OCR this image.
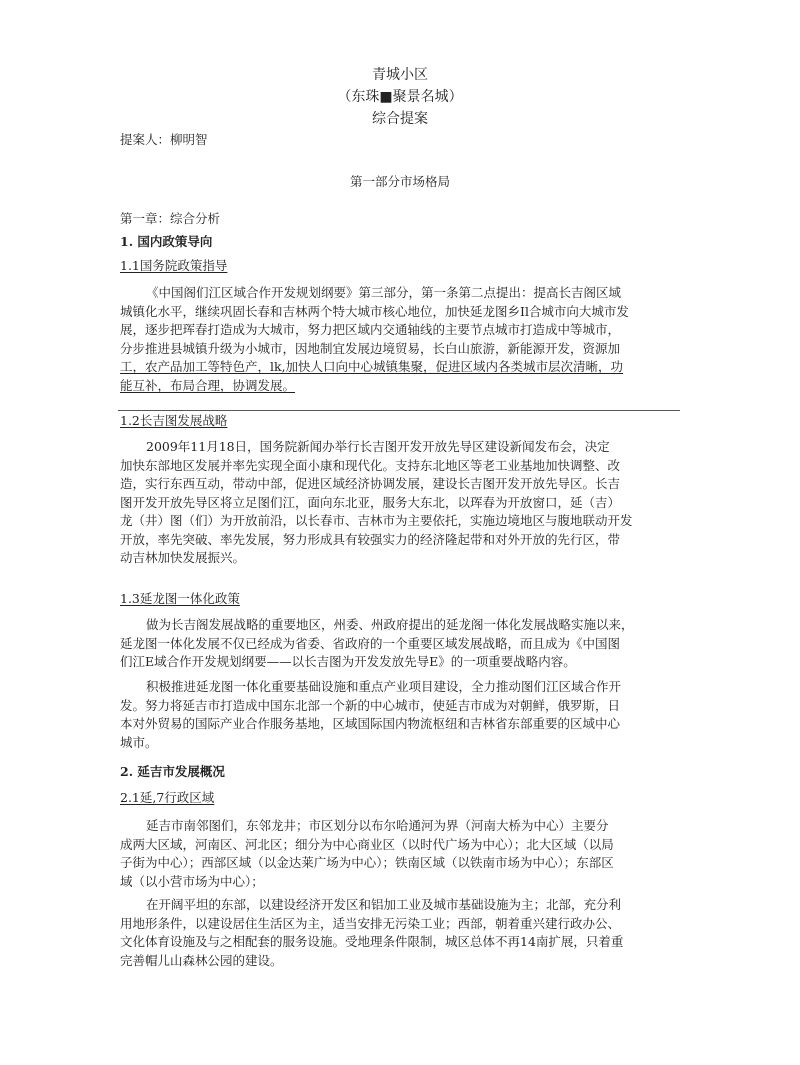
青城小区
（东珠■聚景名城）
综合提案
提案人：柳明智
第一部分市场格局
第一章：综合分析
1. 国内政策导向
1.1国务院政策指导
《中国阁们江区域合作开发规划纲要》第三部分，第一条第二点提出：提高长吉阁区域
城镇化水平，继续巩固长春和吉林两个特大城市核心地位，加快延龙图乡Il合城市向大城市发
展，逐步把珲春打造成为大城市，努力把区域内交通轴线的主要节点城市打造成中等城市，
分步推进县城镇升级为小城市，因地制宜发展边境贸易，长白山旅游，新能源开发，资源加
工，农产品加工等特色产，lk,加快人口向中心城镇集聚，促进区域内各类城市层次清晰，功
能互补，布局合理，协调发展。
1.2长吉图发展战略
2009年11月18日，国务院新闻办举行长吉图开发开放先导区建设新闻发布会，决定
加快东部地区发展并率先实现全面小康和现代化。支持东北地区等老工业基地加快调整、改
造，实行东西互动，带动中部，促进区域经济协调发展，建设长吉图开发开放先导区。长吉
图开发开放先导区将立足图们江，面向东北亚，服务大东北，以珲春为开放窗口，延（吉）
龙（井）图（们）为开放前沿，以长春市、吉林市为主要依托，实施边境地区与腹地联动开发
开放，率先突破、率先发展，努力形成具有较强实力的经济隆起带和对外开放的先行区，带
动吉林加快发展振兴。
1.3延龙图一体化政策
做为长吉阁发展战略的重要地区，州委、州政府提出的延龙阁一体化发展战略实施以来，
延龙图一体化发展不仅已经成为省委、省政府的一个重要区域发展战略，而且成为《中国图
们江E域合作开发规划纲要——以长吉图为开发发放先导E》的一项重要战略内容。
积极推进延龙图一体化重要基础设施和重点产业项目建设，全力推动图们江区域合作开
发。努力将延吉市打造成中国东北部一个新的中心城市，使延吉市成为对朝鲜，俄罗斯，日
本对外贸易的国际产业合作服务基地，区域国际国内物流枢纽和吉林省东部重要的区域中心
城市。
2. 延吉市发展概况
2.1延,7行政区域
延吉市南邻图们，东邻龙井；市区划分以布尔哈通河为界（河南大桥为中心）主要分
成两大区域，河南区、河北区；细分为中心商业区（以时代广场为中心）；北大区域（以局
子街为中心）；西部区域（以金达莱广场为中心）；铁南区域（以铁南市场为中心）；东部区
域（以小营市场为中心）；
在开阔平坦的东部，以建设经济开发区和铝加工业及城市基础设施为主；北部，充分利
用地形条件，以建设居住生活区为主，适当安排无污染工业；西部，朝着重兴建行政办公、
文化体育设施及与之相配套的服务设施。受地理条件限制，城区总体不再14南扩展，只着重
完善帽儿山森林公园的建设。
